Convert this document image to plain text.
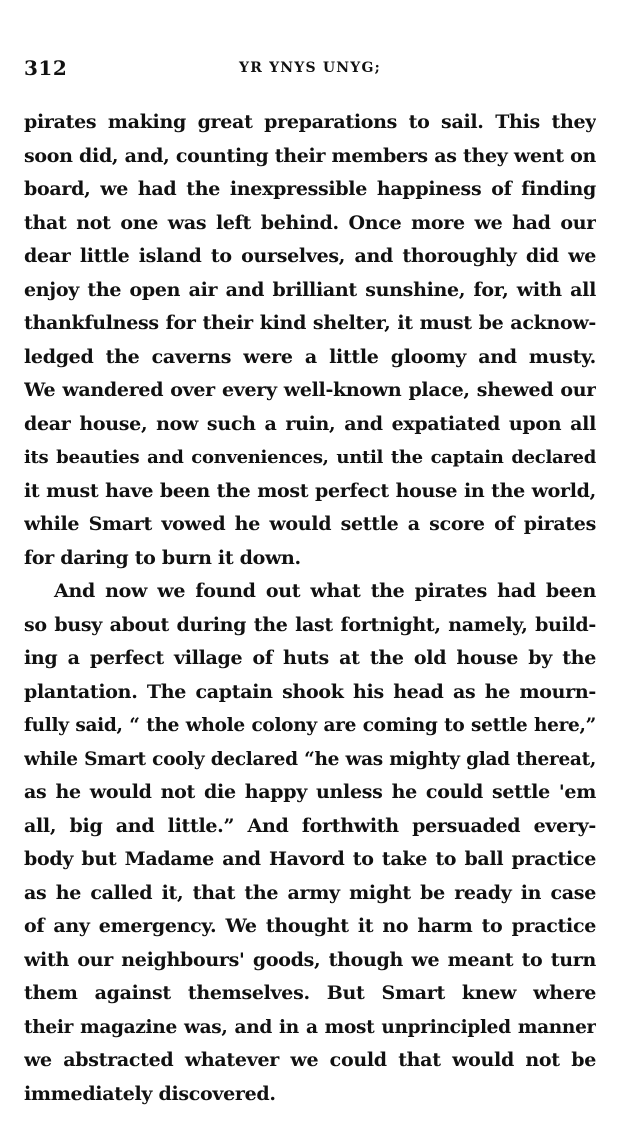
312	YR YNYS UNYG;
pirates making great preparations to sail. This they
soon did, and, counting their members as they went on
board, we had the inexpressible happiness of finding
that not one was left behind. Once more we had our
dear little island to ourselves, and thoroughly did we
enjoy the open air and brilliant sunshine, for, with all
thankfulness for their kind shelter, it must be acknow-
ledged the caverns were a little gloomy and musty.
We wandered over every well-known place, shewed our
dear house, now such a ruin, and expatiated upon all
its beauties and conveniences, until the captain declared
it must have been the most perfect house in the world,
while Smart vowed he would settle a score of pirates
for daring to burn it down.
And now we found out what the pirates had been
so busy about during the last fortnight, namely, build-
ing a perfect village of huts at the old house by the
plantation. The captain shook his head as he mourn-
fully said, “ the whole colony are coming to settle here,”
while Smart cooly declared “he was mighty glad thereat,
as he would not die happy unless he could settle 'em
all, big and little.” And forthwith persuaded every-
body but Madame and Havord to take to ball practice
as he called it, that the army might be ready in case
of any emergency. We thought it no harm to practice
with our neighbours' goods, though we meant to turn
them against themselves. But Smart knew where
their magazine was, and in a most unprincipled manner
we abstracted whatever we could that would not be
immediately discovered.
